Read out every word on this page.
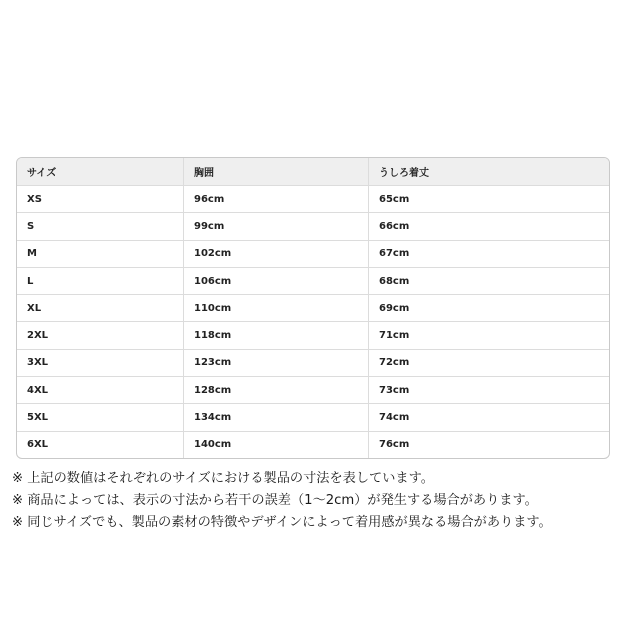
サイズ	胸囲	うしろ着丈
XS	96cm	65cm
S	99cm	66cm
M	102cm	67cm
L	106cm	68cm
XL	110cm	69cm
2XL	118cm	71cm
3XL	123cm	72cm
4XL	128cm	73cm
5XL	134cm	74cm
6XL	140cm	76cm
※ 上記の数値はそれぞれのサイズにおける製品の寸法を表しています。
※ 商品によっては、表示の寸法から若干の誤差（1〜2cm）が発生する場合があります。
※ 同じサイズでも、製品の素材の特徴やデザインによって着用感が異なる場合があります。
